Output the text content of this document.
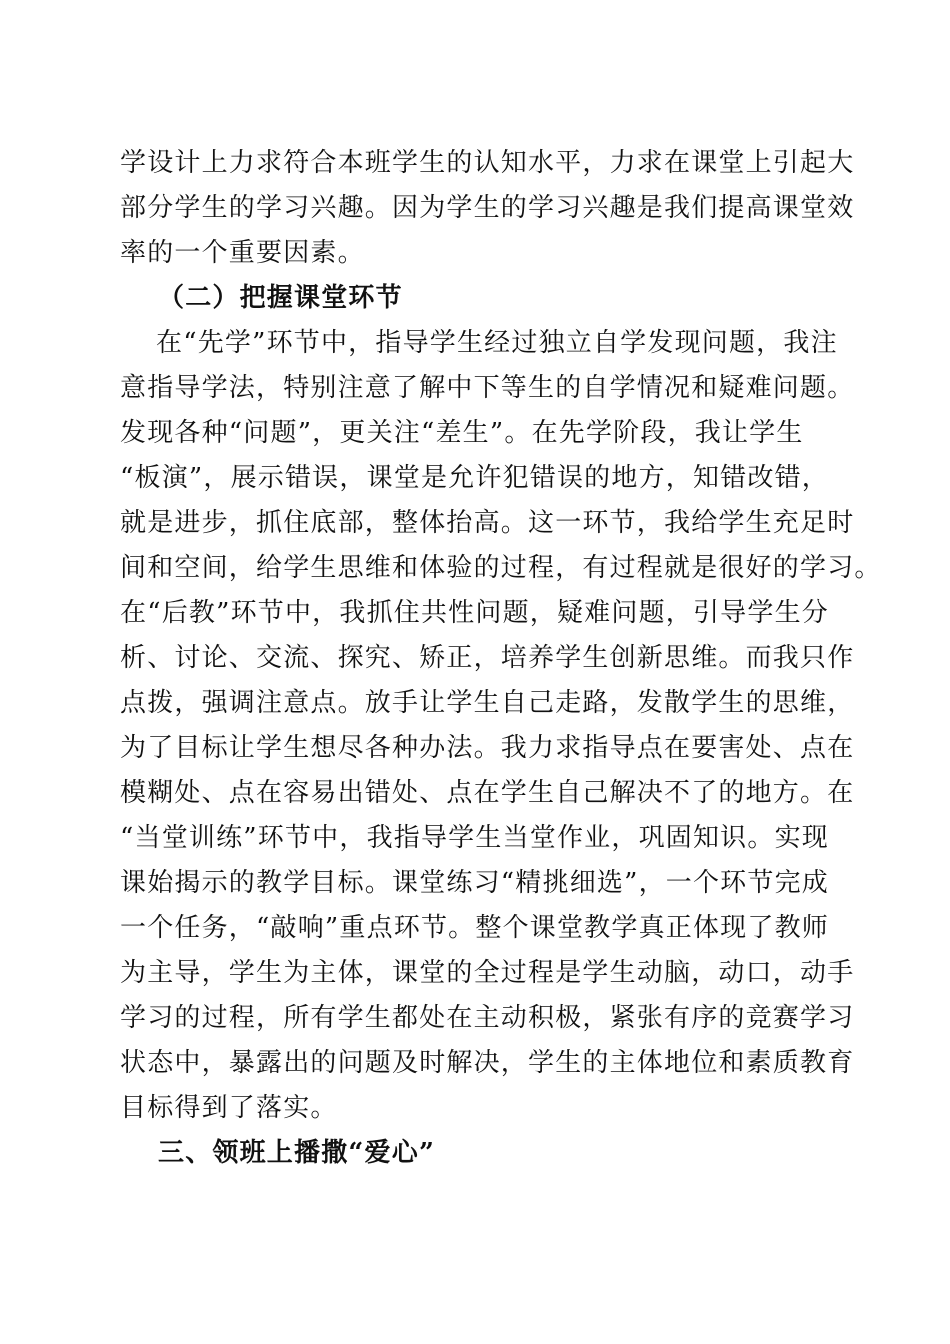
学设计上力求符合本班学生的认知水平，力求在课堂上引起大
部分学生的学习兴趣。因为学生的学习兴趣是我们提高课堂效
率的一个重要因素。
（二）把握课堂环节
在“先学”环节中，指导学生经过独立自学发现问题，我注
意指导学法，特别注意了解中下等生的自学情况和疑难问题。
发现各种“问题”，更关注“差生”。在先学阶段，我让学生
“板演”，展示错误，课堂是允许犯错误的地方，知错改错，
就是进步，抓住底部，整体抬高。这一环节，我给学生充足时
间和空间，给学生思维和体验的过程，有过程就是很好的学习。
在“后教”环节中，我抓住共性问题，疑难问题，引导学生分
析、讨论、交流、探究、矫正，培养学生创新思维。而我只作
点拨，强调注意点。放手让学生自己走路，发散学生的思维，
为了目标让学生想尽各种办法。我力求指导点在要害处、点在
模糊处、点在容易出错处、点在学生自己解决不了的地方。在
“当堂训练”环节中，我指导学生当堂作业，巩固知识。实现
课始揭示的教学目标。课堂练习“精挑细选”，一个环节完成
一个任务，“敲响”重点环节。整个课堂教学真正体现了教师
为主导，学生为主体，课堂的全过程是学生动脑，动口，动手
学习的过程，所有学生都处在主动积极，紧张有序的竞赛学习
状态中，暴露出的问题及时解决，学生的主体地位和素质教育
目标得到了落实。
三、领班上播撒“爱心”
